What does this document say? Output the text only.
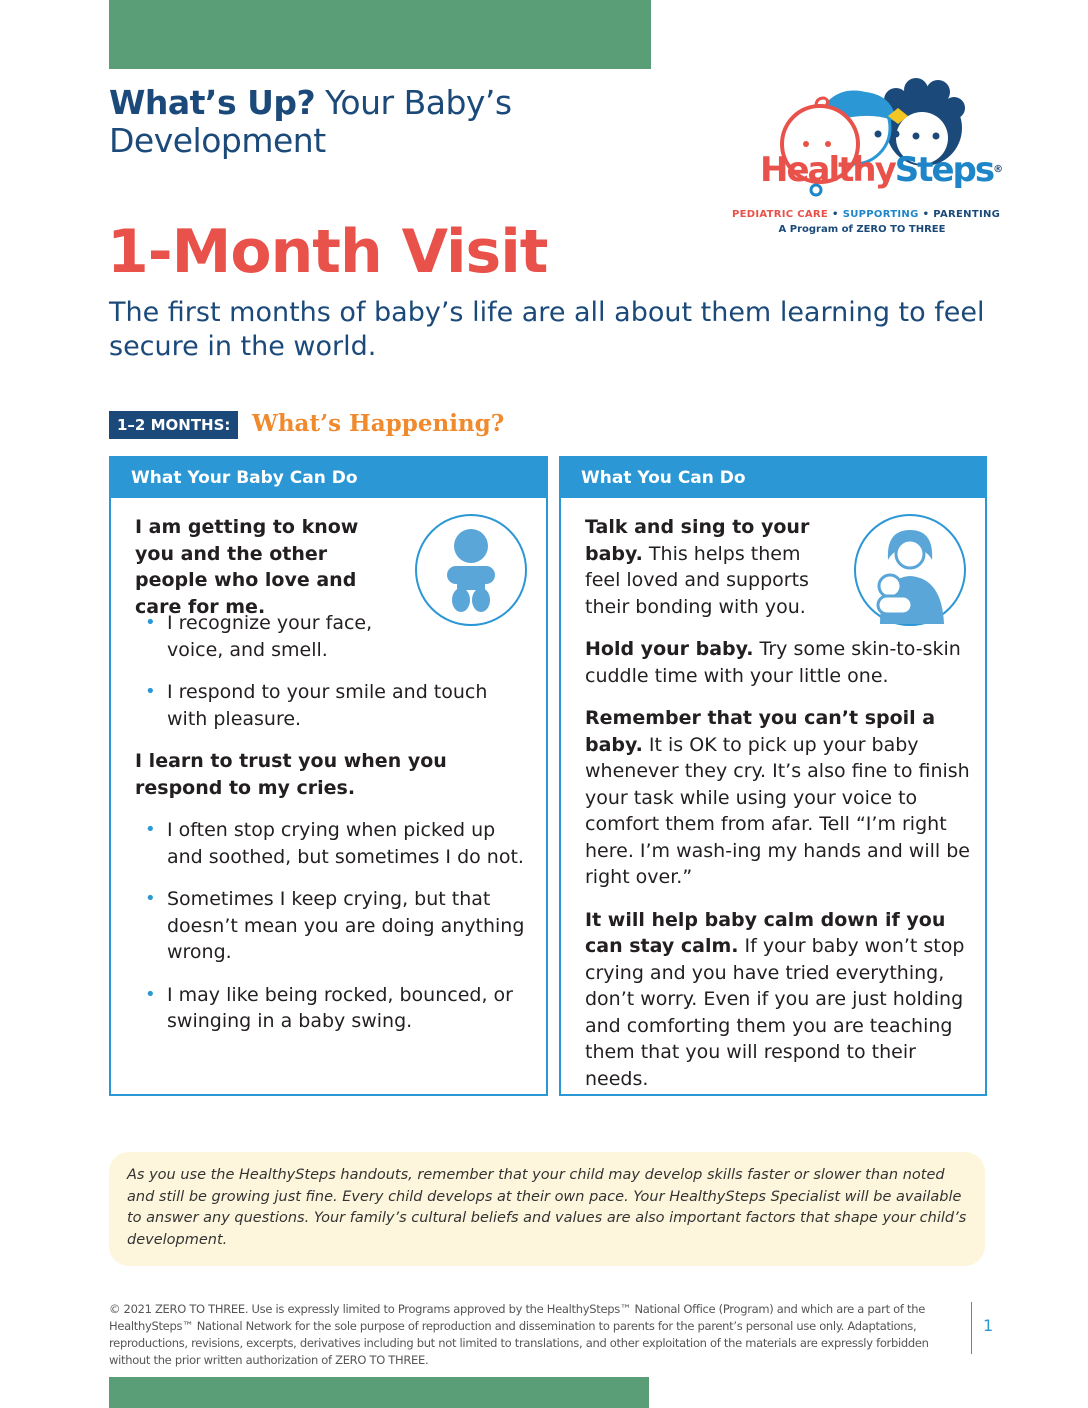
What’s Up? Your Baby’s Development
HealthySteps®
PEDIATRIC CARE • SUPPORTING • PARENTING
A Program of ZERO TO THREE
1-Month Visit
The first months of baby’s life are all about them learning to feel secure in the world.
1–2 MONTHS: What’s Happening?
What Your Baby Can Do

I am getting to know you and the other people who love and care for me.

• I recognize your face, voice, and smell.
• I respond to your smile and touch with pleasure.

I learn to trust you when you respond to my cries.

• I often stop crying when picked up and soothed, but sometimes I do not.
• Sometimes I keep crying, but that doesn’t mean you are doing anything wrong.
• I may like being rocked, bounced, or swinging in a baby swing.
What You Can Do

Talk and sing to your baby. This helps them feel loved and supports their bonding with you.

Hold your baby. Try some skin-to-skin cuddle time with your little one.

Remember that you can’t spoil a baby. It is OK to pick up your baby whenever they cry. It’s also fine to finish your task while using your voice to comfort them from afar. Tell “I’m right here. I’m wash-ing my hands and will be right over.”

It will help baby calm down if you can stay calm. If your baby won’t stop crying and you have tried everything, don’t worry. Even if you are just holding and comforting them you are teaching them that you will respond to their needs.

As you use the HealthySteps handouts, remember that your child may develop skills faster or slower than noted and still be growing just fine. Every child develops at their own pace. Your HealthySteps Specialist will be available to answer any questions. Your family’s cultural beliefs and values are also important factors that shape your child’s development.
© 2021 ZERO TO THREE. Use is expressly limited to Programs approved by the HealthySteps™ National Office (Program) and which are a part of the HealthySteps™ National Network for the sole purpose of reproduction and dissemination to parents for the parent’s personal use only. Adaptations, reproductions, revisions, excerpts, derivatives including but not limited to translations, and other exploitation of the materials are expressly forbidden without the prior written authorization of ZERO TO THREE.
1
